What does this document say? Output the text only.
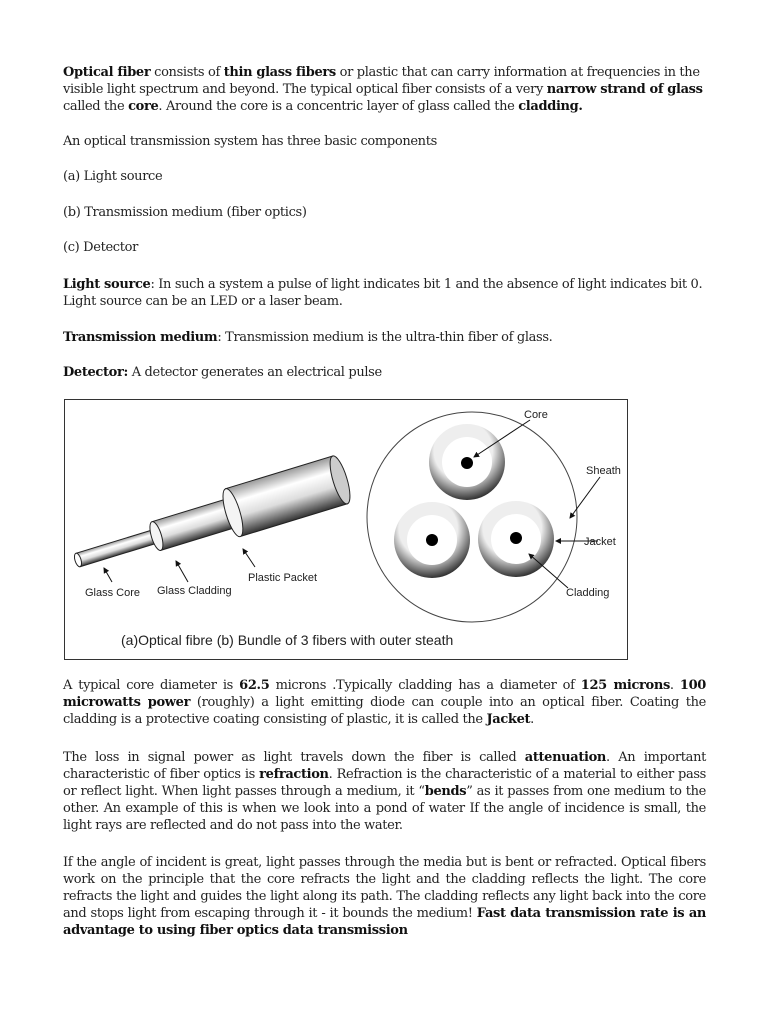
Optical fiber consists of thin glass fibers or plastic that can carry information at frequencies in the visible light spectrum and beyond. The typical optical fiber consists of a very narrow strand of glass called the core. Around the core is a concentric layer of glass called the cladding.

An optical transmission system has three basic components

(a) Light source

(b) Transmission medium (fiber optics)

(c) Detector

Light source: In such a system a pulse of light indicates bit 1 and the absence of light indicates bit 0. Light source can be an LED or a laser beam.

Transmission medium: Transmission medium is the ultra-thin fiber of glass.

Detector: A detector generates an electrical pulse

Glass Core Glass Cladding
Plastic Packet
Core
Sheath
Jacket
Cladding
(a)Optical fibre (b) Bundle of 3 fibers with outer steath

A typical core diameter is 62.5 microns .Typically cladding has a diameter of 125 microns. 100 microwatts power (roughly) a light emitting diode can couple into an optical fiber. Coating the cladding is a protective coating consisting of plastic, it is called the Jacket.

The loss in signal power as light travels down the fiber is called attenuation. An important characteristic of fiber optics is refraction. Refraction is the characteristic of a material to either pass or reflect light. When light passes through a medium, it “bends” as it passes from one medium to the other. An example of this is when we look into a pond of water If the angle of incidence is small, the light rays are reflected and do not pass into the water.

If the angle of incident is great, light passes through the media but is bent or refracted. Optical fibers work on the principle that the core refracts the light and the cladding reflects the light. The core refracts the light and guides the light along its path. The cladding reflects any light back into the core and stops light from escaping through it - it bounds the medium! Fast data transmission rate is an advantage to using fiber optics data transmission
